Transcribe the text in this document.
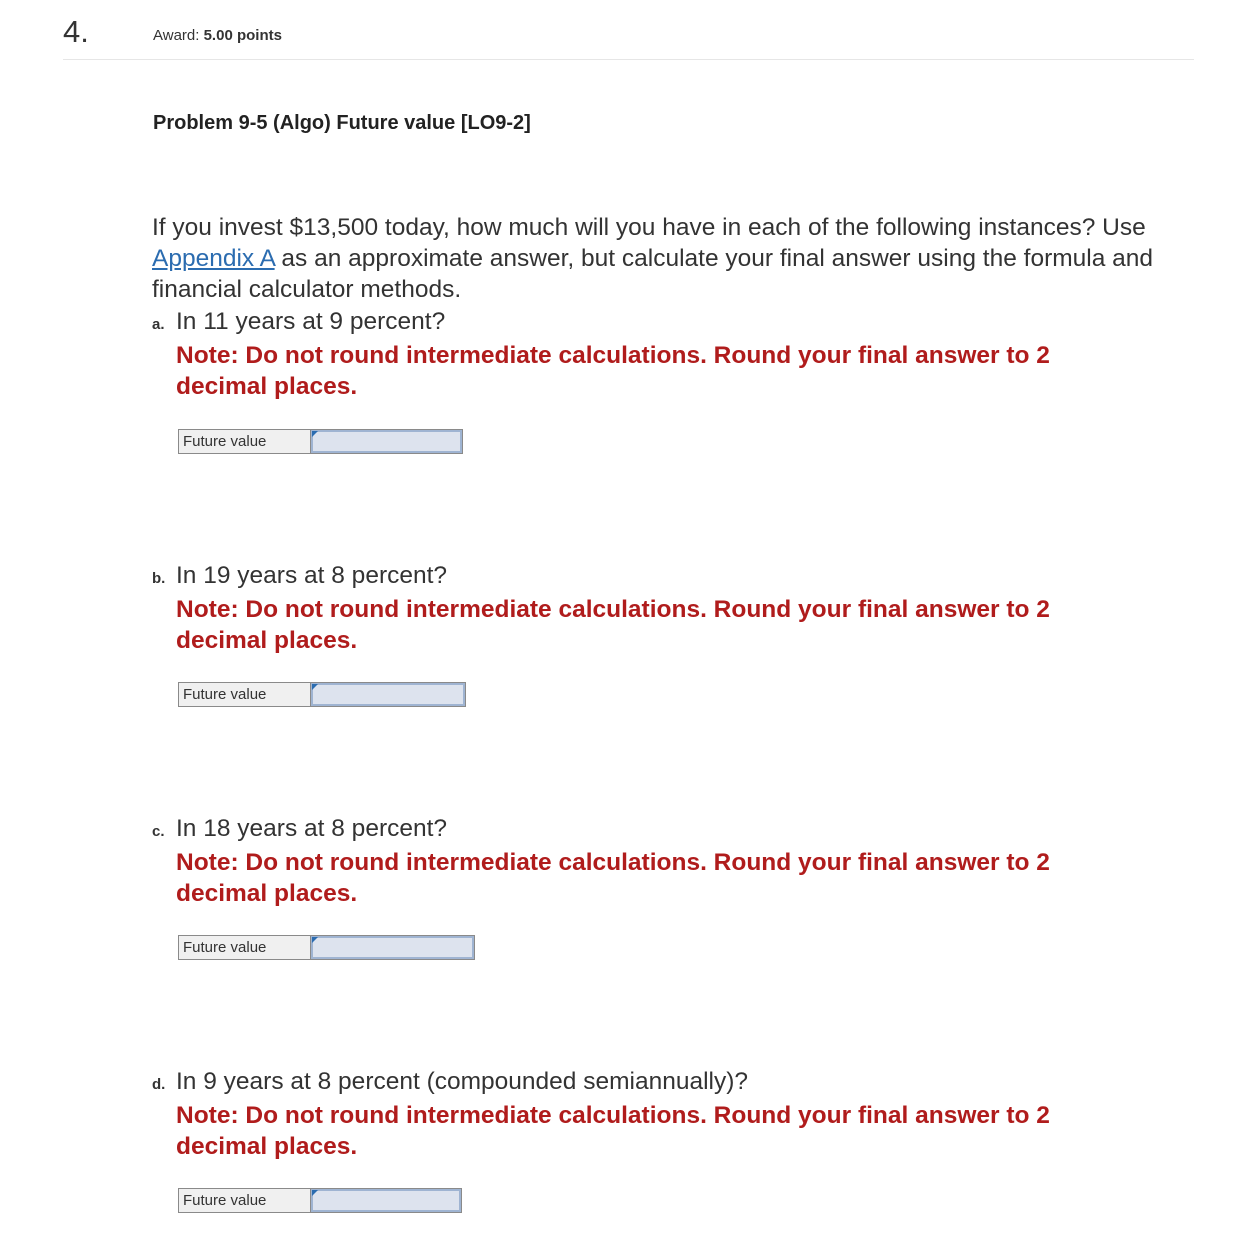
4.	Award: 5.00 points
Problem 9-5 (Algo) Future value [LO9-2]
If you invest $13,500 today, how much will you have in each of the following instances? Use Appendix A as an approximate answer, but calculate your final answer using the formula and financial calculator methods.
a. In 11 years at 9 percent?
Note: Do not round intermediate calculations. Round your final answer to 2 decimal places.
Future value
b. In 19 years at 8 percent?
Note: Do not round intermediate calculations. Round your final answer to 2 decimal places.
Future value
c. In 18 years at 8 percent?
Note: Do not round intermediate calculations. Round your final answer to 2 decimal places.
Future value
d. In 9 years at 8 percent (compounded semiannually)?
Note: Do not round intermediate calculations. Round your final answer to 2 decimal places.
Future value
